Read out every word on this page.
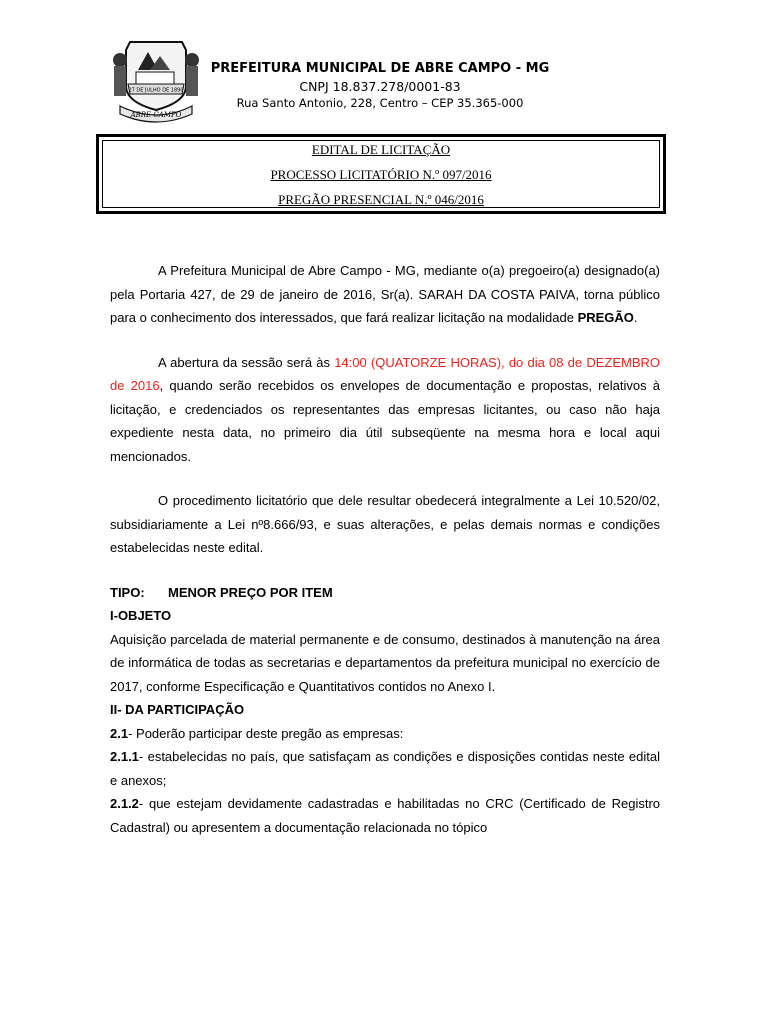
27 DE JULHO DE 1890
ABRE CAMPO
PREFEITURA MUNICIPAL DE ABRE CAMPO - MG
CNPJ 18.837.278/0001-83
Rua Santo Antonio, 228, Centro – CEP 35.365-000
EDITAL DE LICITAÇÃO
PROCESSO LICITATÓRIO N.º 097/2016
PREGÃO PRESENCIAL N.º 046/2016

A Prefeitura Municipal de Abre Campo - MG, mediante o(a) pregoeiro(a) designado(a) pela Portaria 427, de 29 de janeiro de 2016, Sr(a). SARAH DA COSTA PAIVA, torna público para o conhecimento dos interessados, que fará realizar licitação na modalidade PREGÃO.

A abertura da sessão será às 14:00 (QUATORZE HORAS), do dia 08 de DEZEMBRO de 2016, quando serão recebidos os envelopes de documentação e propostas, relativos à licitação, e credenciados os representantes das empresas licitantes, ou caso não haja expediente nesta data, no primeiro dia útil subseqüente na mesma hora e local aqui mencionados.

O procedimento licitatório que dele resultar obedecerá integralmente a Lei 10.520/02, subsidiariamente a Lei nº8.666/93, e suas alterações, e pelas demais normas e condições estabelecidas neste edital.

TIPO:	MENOR PREÇO POR ITEM

I-OBJETO

Aquisição parcelada de material permanente e de consumo, destinados à manutenção na área de informática de todas as secretarias e departamentos da prefeitura municipal no exercício de 2017, conforme Especificação e Quantitativos contidos no Anexo I.

II- DA PARTICIPAÇÃO

2.1- Poderão participar deste pregão as empresas:

2.1.1- estabelecidas no país, que satisfaçam as condições e disposições contidas neste edital e anexos;

2.1.2- que estejam devidamente cadastradas e habilitadas no CRC (Certificado de Registro Cadastral) ou apresentem a documentação relacionada no tópico
